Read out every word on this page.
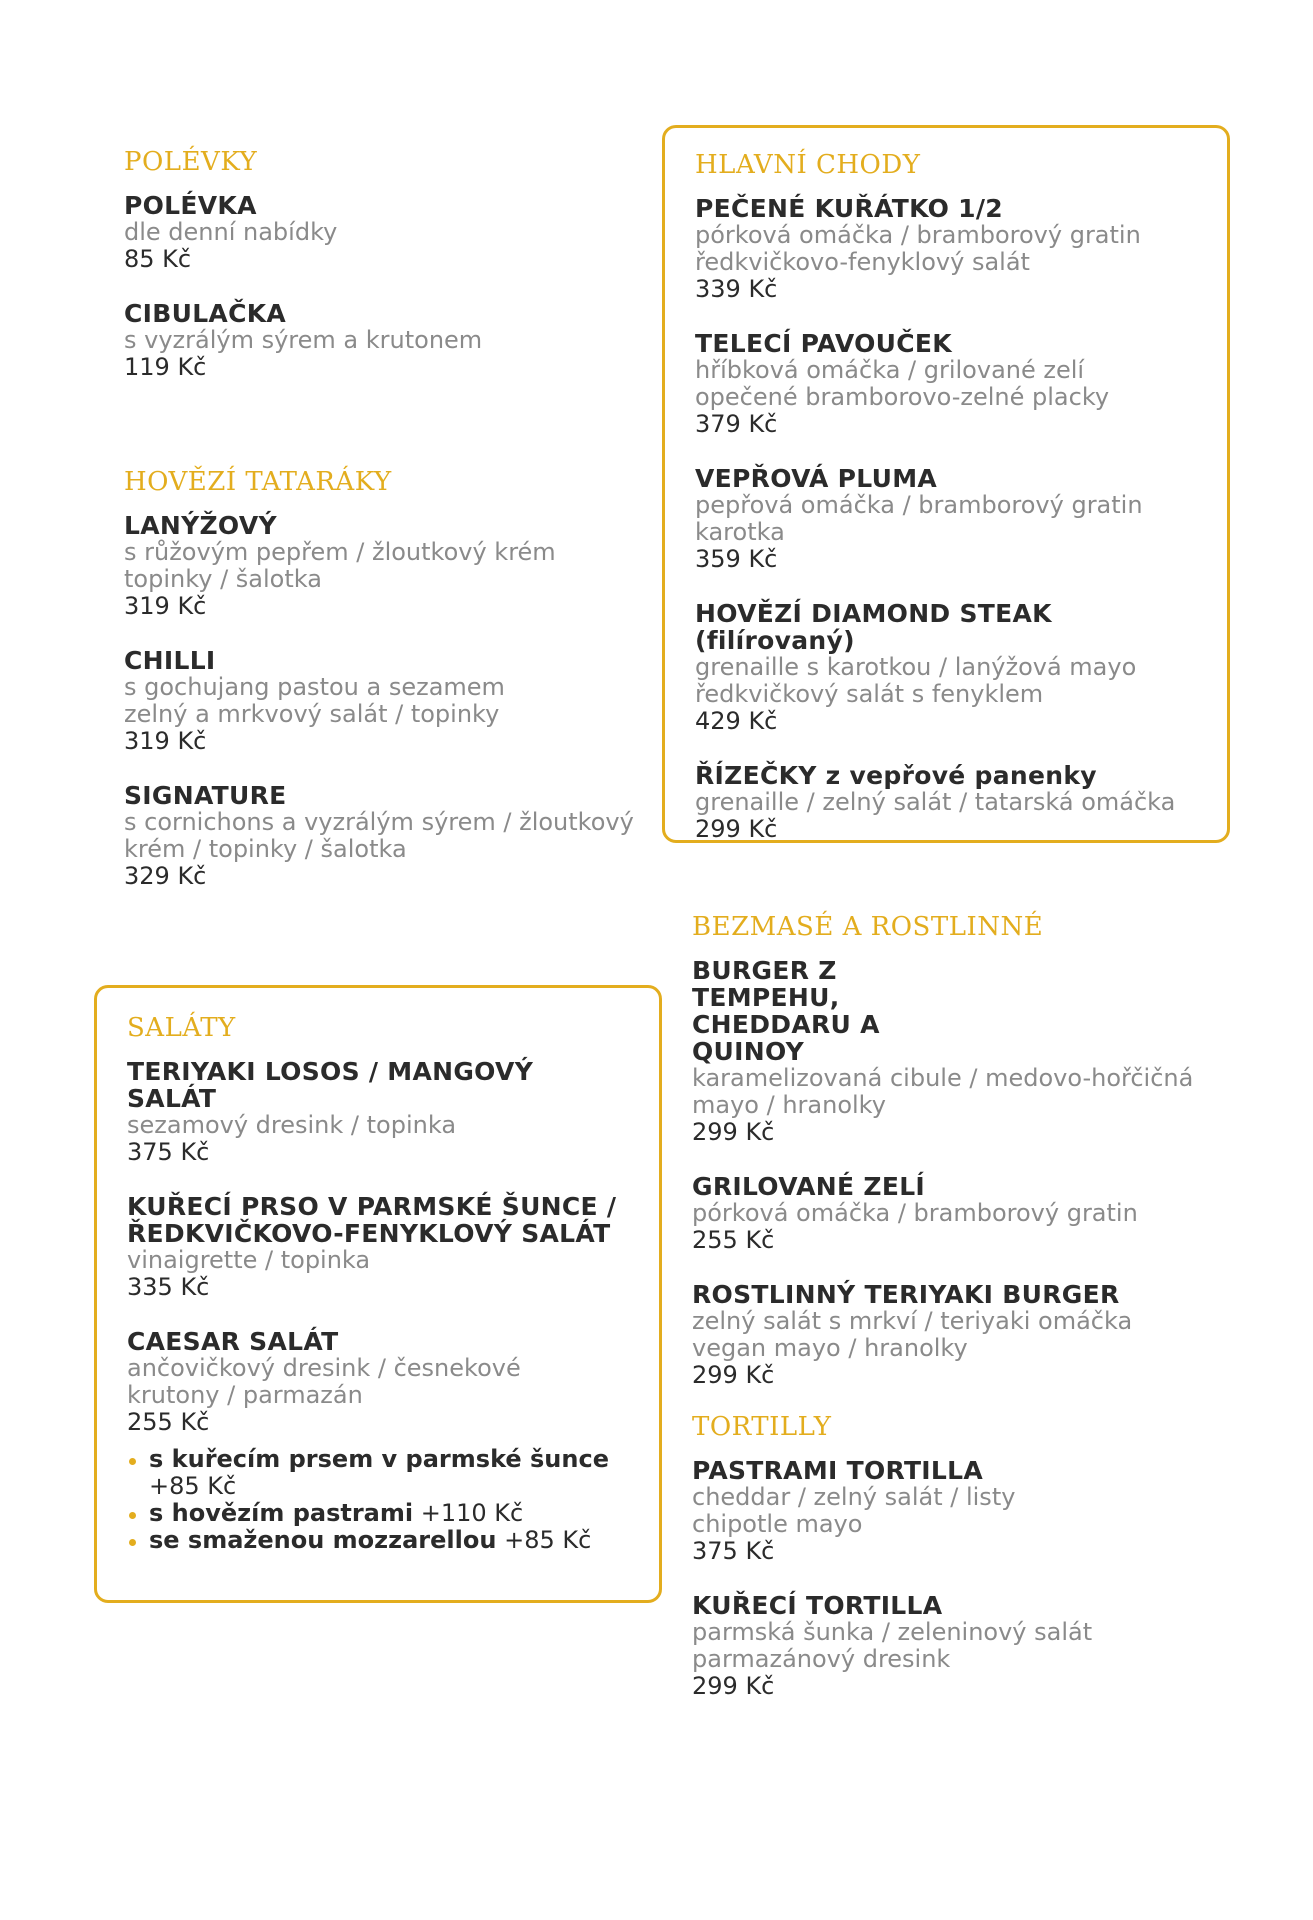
POLÉVKY
POLÉVKA
dle denní nabídky
85 Kč
CIBULAČKA
s vyzrálým sýrem a krutonem
119 Kč
HOVĚZÍ TATARÁKY
LANÝŽOVÝ
s růžovým pepřem / žloutkový krém
topinky / šalotka
319 Kč
CHILLI
s gochujang pastou a sezamem
zelný a mrkvový salát / topinky
319 Kč
SIGNATURE
s cornichons a vyzrálým sýrem / žloutkový
krém / topinky / šalotka
329 Kč
SALÁTY
TERIYAKI LOSOS / MANGOVÝ SALÁT
sezamový dresink / topinka
375 Kč
KUŘECÍ PRSO V PARMSKÉ ŠUNCE / ŘEDKVIČKOVO-FENYKLOVÝ SALÁT
vinaigrette / topinka
335 Kč
CAESAR SALÁT
ančovičkový dresink / česnekové
krutony / parmazán
255 Kč
s kuřecím prsem v parmské šunce +85 Kč
s hovězím pastrami +110 Kč
se smaženou mozzarellou +85 Kč
HLAVNÍ CHODY
PEČENÉ KUŘÁTKO 1/2
pórková omáčka / bramborový gratin
ředkvičkovo-fenyklový salát
339 Kč
TELECÍ PAVOUČEK
hříbková omáčka / grilované zelí
opečené bramborovo-zelné placky
379 Kč
VEPŘOVÁ PLUMA
pepřová omáčka / bramborový gratin
karotka
359 Kč
HOVĚZÍ DIAMOND STEAK (filírovaný)
grenaille s karotkou / lanýžová mayo
ředkvičkový salát s fenyklem
429 Kč
ŘÍZEČKY z vepřové panenky
grenaille / zelný salát / tatarská omáčka
299 Kč
BEZMASÉ A ROSTLINNÉ
BURGER Z TEMPEHU, CHEDDARU A QUINOY
karamelizovaná cibule / medovo-hořčičná
mayo / hranolky
299 Kč
GRILOVANÉ ZELÍ
pórková omáčka / bramborový gratin
255 Kč
ROSTLINNÝ TERIYAKI BURGER
zelný salát s mrkví / teriyaki omáčka
vegan mayo / hranolky
299 Kč
TORTILLY
PASTRAMI TORTILLA
cheddar / zelný salát / listy
chipotle mayo
375 Kč
KUŘECÍ TORTILLA
parmská šunka / zeleninový salát
parmazánový dresink
299 Kč
